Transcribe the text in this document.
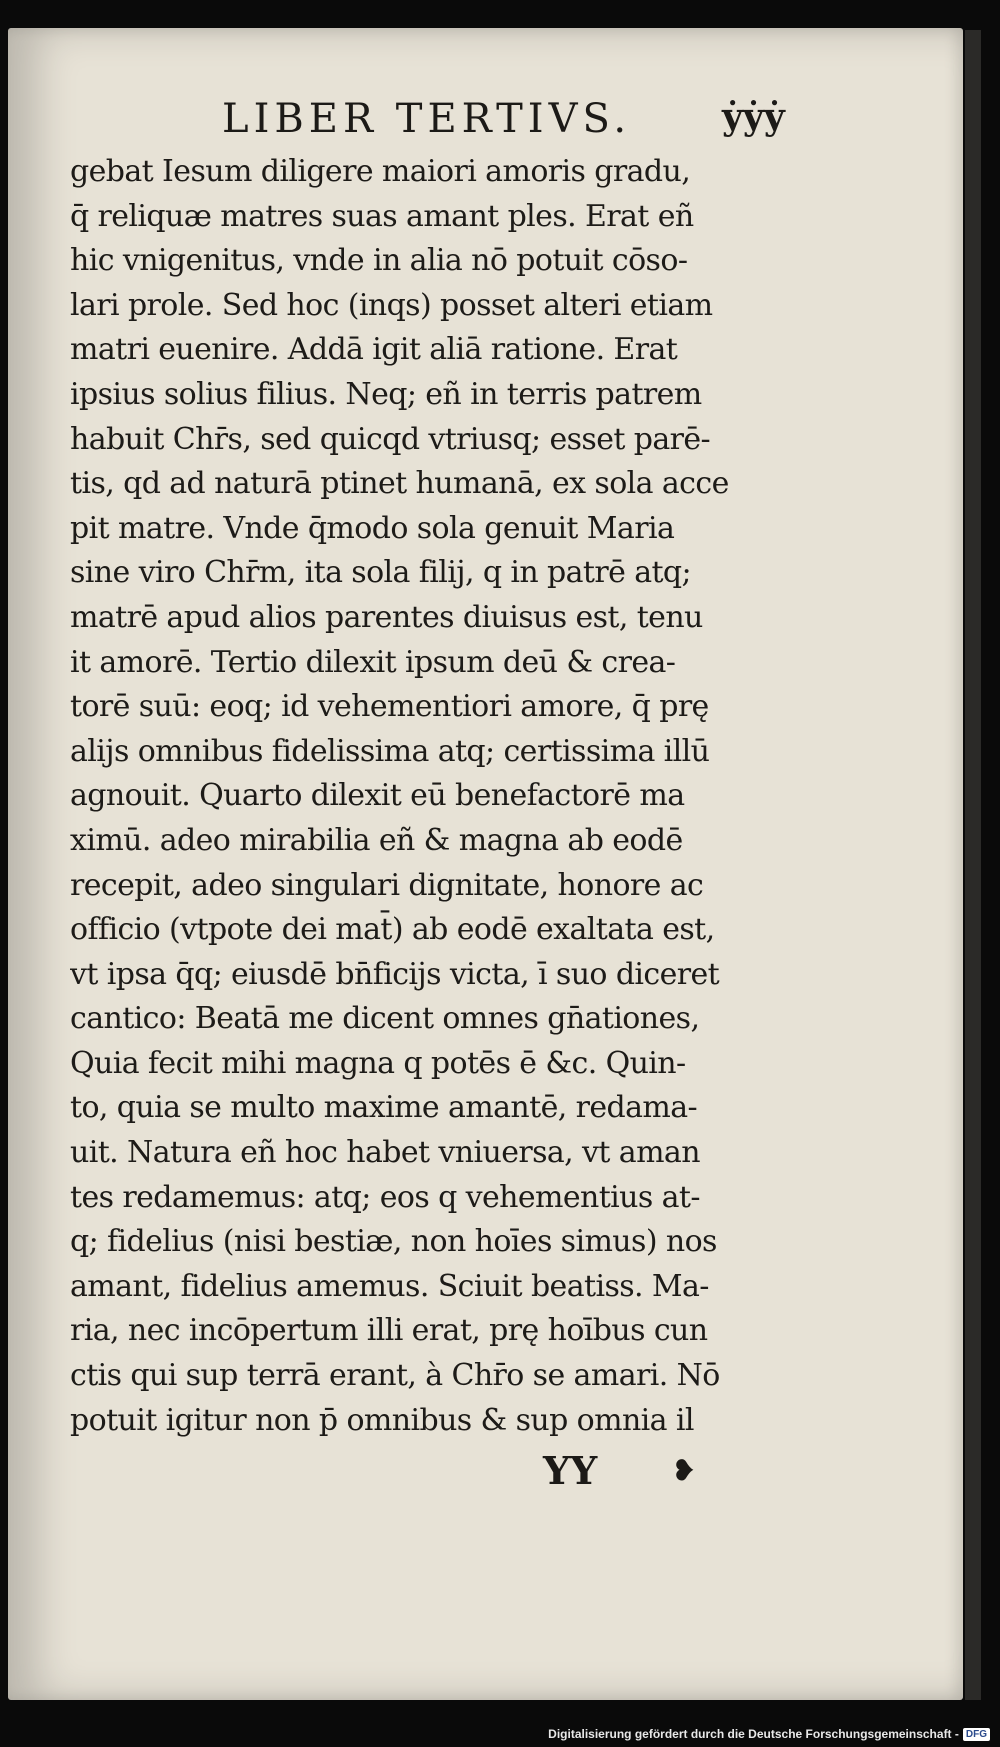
LIBER TERTIVS.	ẏẏẏ
gebat Iesum diligere maiori amoris gradu,
q̄ reliquæ matres suas amant ples. Erat eñ
hic vnigenitus, vnde in alia nō potuit cōso-
lari prole. Sed hoc (inqs) posset alteri etiam
matri euenire. Addā igit aliā ratione. Erat
ipsius solius filius. Neq; eñ in terris patrem
habuit Chr̄s, sed quicqd vtriusq; esset parē-
tis, qd ad naturā ptinet humanā, ex sola acce
pit matre. Vnde q̄modo sola genuit Maria
sine viro Chr̄m, ita sola filij, q in patrē atq;
matrē apud alios parentes diuisus est, tenu
it amorē. Tertio dilexit ipsum deū & crea-
torē suū: eoq; id vehementiori amore, q̄ prę
alijs omnibus fidelissima atq; certissima illū
agnouit. Quarto dilexit eū benefactorē ma
ximū. adeo mirabilia eñ & magna ab eodē
recepit, adeo singulari dignitate, honore ac
officio (vtpote dei mat̄) ab eodē exaltata est,
vt ipsa q̄q; eiusdē bn̄ficijs victa, ī suo diceret
cantico: Beatā me dicent omnes gn̄ationes,
Quia fecit mihi magna q potēs ē &c. Quin-
to, quia se multo maxime amantē, redama-
uit. Natura eñ hoc habet vniuersa, vt aman
tes redamemus: atq; eos q vehementius at-
q; fidelius (nisi bestiæ, non hoīes simus) nos
amant, fidelius amemus. Sciuit beatiss. Ma-
ria, nec incōpertum illi erat, prę hoībus cun
ctis qui sup terrā erant, à Chr̄o se amari. Nō
potuit igitur non p̄ omnibus & sup omnia il
YY	❥
Digitalisierung gefördert durch die Deutsche Forschungsgemeinschaft - DFG
